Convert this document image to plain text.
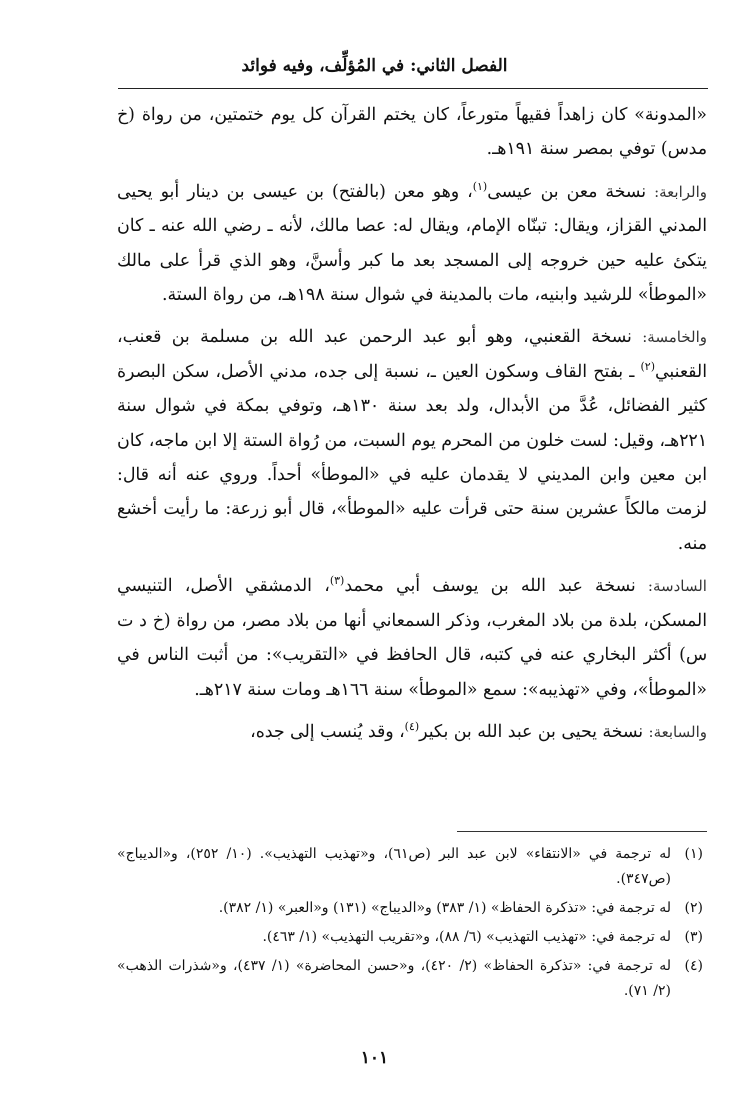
الفصل الثاني: في المُؤلِّف، وفيه فوائد

«المدونة» كان زاهداً فقيهاً متورعاً، كان يختم القرآن كل يوم ختمتين، من رواة (خ مدس) توفي بمصر سنة ١٩١هـ.

والرابعة: نسخة معن بن عيسى$^{(١)}$، وهو معن (بالفتح) بن عيسى بن دينار أبو يحيى المدني القزاز، ويقال: تبنّاه الإمام، ويقال له: عصا مالك، لأنه ـ رضي الله عنه ـ كان يتكئ عليه حين خروجه إلى المسجد بعد ما كبر وأسنَّ، وهو الذي قرأ على مالك «الموطأ» للرشيد وابنيه، مات بالمدينة في شوال سنة ١٩٨هـ، من رواة الستة.

والخامسة: نسخة القعنبي، وهو أبو عبد الرحمن عبد الله بن مسلمة بن قعنب، القعنبي$^{(٢)}$ ـ بفتح القاف وسكون العين ـ، نسبة إلى جده، مدني الأصل، سكن البصرة كثير الفضائل، عُدَّ من الأبدال، ولد بعد سنة ١٣٠هـ، وتوفي بمكة في شوال سنة ٢٢١هـ، وقيل: لست خلون من المحرم يوم السبت، من رُواة الستة إلا ابن ماجه، كان ابن معين وابن المديني لا يقدمان عليه في «الموطأ» أحداً. وروي عنه أنه قال: لزمت مالكاً عشرين سنة حتى قرأت عليه «الموطأ»، قال أبو زرعة: ما رأيت أخشع منه.

السادسة: نسخة عبد الله بن يوسف أبي محمد$^{(٣)}$، الدمشقي الأصل، التنيسي المسكن، بلدة من بلاد المغرب، وذكر السمعاني أنها من بلاد مصر، من رواة (خ د ت س) أكثر البخاري عنه في كتبه، قال الحافظ في «التقريب»: من أثبت الناس في «الموطأ»، وفي «تهذيبه»: سمع «الموطأ» سنة ١٦٦هـ ومات سنة ٢١٧هـ.

والسابعة: نسخة يحيى بن عبد الله بن بكير$^{(٤)}$، وقد يُنسب إلى جده،

(١)
له ترجمة في «الانتقاء» لابن عبد البر (ص٦١)، و«تهذيب التهذيب». (١٠/ ٢٥٢)، و«الديباج» (ص٣٤٧).
(٢)
له ترجمة في: «تذكرة الحفاظ» (١/ ٣٨٣) و«الديباج» (١٣١) و«العبر» (١/ ٣٨٢).
(٣)
له ترجمة في: «تهذيب التهذيب» (٦/ ٨٨)، و«تقريب التهذيب» (١/ ٤٦٣).
(٤)
له ترجمة في: «تذكرة الحفاظ» (٢/ ٤٢٠)، و«حسن المحاضرة» (١/ ٤٣٧)، و«شذرات الذهب» (٢/ ٧١).
١٠١
